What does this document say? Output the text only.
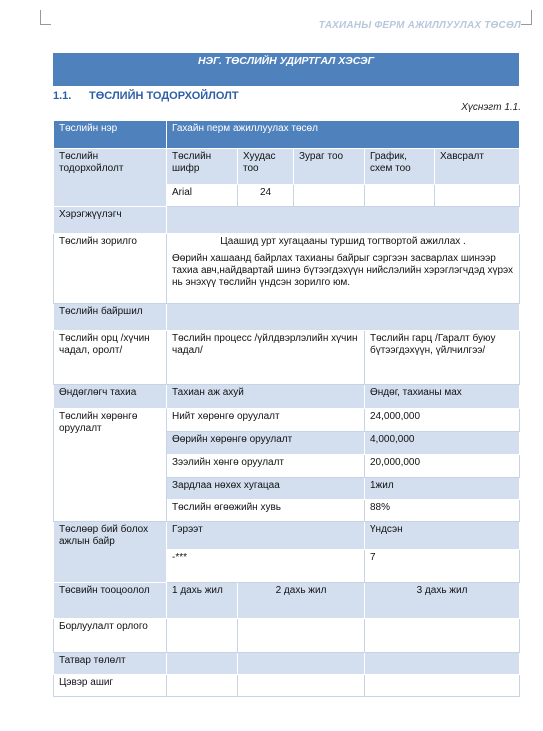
ТАХИАНЫ ФЕРМ АЖИЛЛУУЛАХ ТӨСӨЛ
НЭГ. ТӨСЛИЙН УДИРТГАЛ ХЭСЭГ
1.1. ТӨСЛИЙН ТОДОРХОЙЛОЛТ
Хүснэгт 1.1.
Төслийн нэр	Гахайн перм ажиллуулах төсөл				
Төслийн тодорхойлолт	Төслийн шифр	Хуудас тоо	Зураг тоо	График, схем тоо	Хавсралт
	Arial	24			
Хэрэгжүүлэгч					
Төслийн зорилго	Цаашид урт хугацааны туршид тогтвортой ажиллах .

Өөрийн хашаанд байрлах тахианы байрыг сэргээн засварлах шинээр тахиа авч,найдвартай шинэ бүтээгдэхүүн нийслэлийн хэрэглэгчдэд хүрэх нь энэхүү төслийн үндсэн зорилго юм.				

Төслийн байршил					
Төслийн орц /хүчин чадал, оролт/	Төслийн процесс /үйлдвэрлэлийн хүчин чадал/			Төслийн гарц /Гаралт буюу бүтээгдэхүүн, үйлчилгээ/	
Өндөглөгч тахиа	Тахиан аж ахуй			Өндөг, тахианы мах	
Төслийн хөрөнгө оруулалт	Нийт хөрөнгө оруулалт			24,000,000	
	Өөрийн хөрөнгө оруулалт			4,000,000	
	Зээлийн хөнгө оруулалт			20,000,000	
	Зардлаа нөхөх хугацаа			1жил	
	Төслийн өгөөжийн хувь			88%	
Төслөөр бий болох ажлын байр	Гэрээт			Үндсэн	
	-***			7	
Төсвийн тооцоолол	1 дахь жил	2 дахь жил		3 дахь жил	
Борлуулалт орлого					
Татвар төлөлт					
Цэвэр ашиг					
